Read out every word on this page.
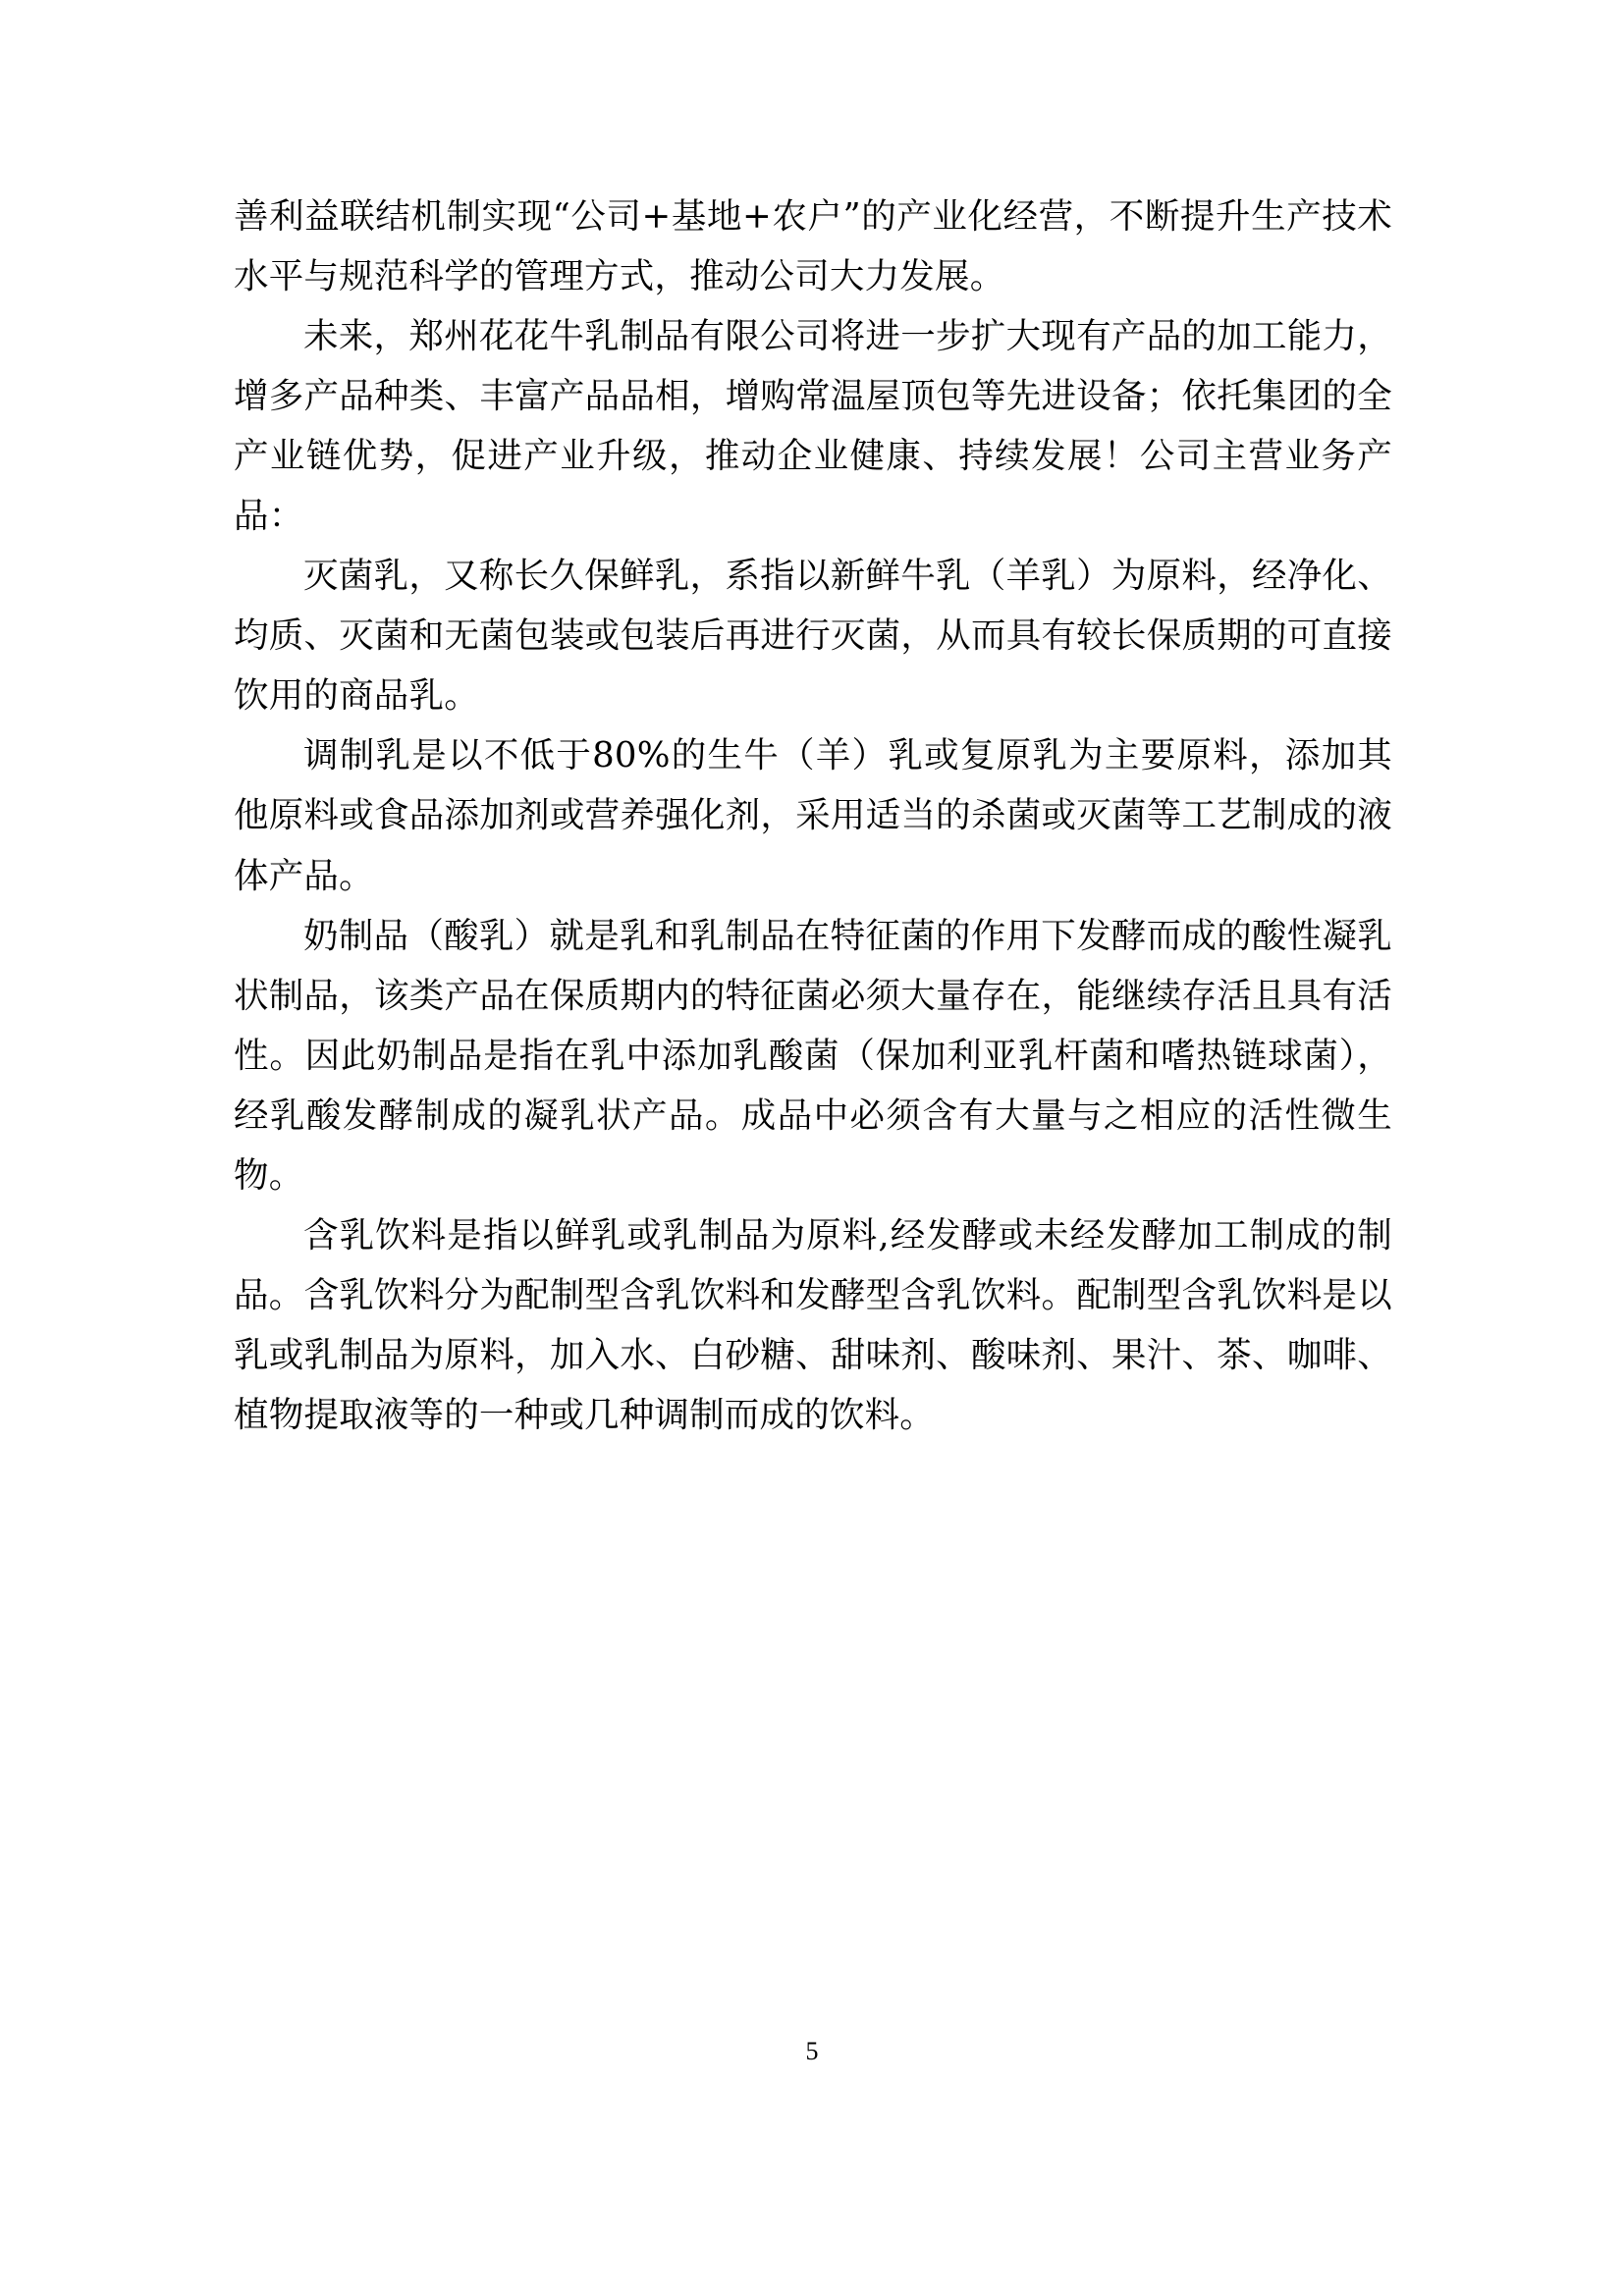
善利益联结机制实现“公司+基地+农户”的产业化经营，不断提升生产技术水平与规范科学的管理方式，推动公司大力发展。

未来，郑州花花牛乳制品有限公司将进一步扩大现有产品的加工能力，增多产品种类、丰富产品品相，增购常温屋顶包等先进设备；依托集团的全产业链优势，促进产业升级，推动企业健康、持续发展！公司主营业务产品：

灭菌乳，又称长久保鲜乳，系指以新鲜牛乳（羊乳）为原料，经净化、均质、灭菌和无菌包装或包装后再进行灭菌，从而具有较长保质期的可直接饮用的商品乳。

调制乳是以不低于80%的生牛（羊）乳或复原乳为主要原料，添加其他原料或食品添加剂或营养强化剂，采用适当的杀菌或灭菌等工艺制成的液体产品。

奶制品（酸乳）就是乳和乳制品在特征菌的作用下发酵而成的酸性凝乳状制品，该类产品在保质期内的特征菌必须大量存在，能继续存活且具有活性。因此奶制品是指在乳中添加乳酸菌（保加利亚乳杆菌和嗜热链球菌），经乳酸发酵制成的凝乳状产品。成品中必须含有大量与之相应的活性微生物。

含乳饮料是指以鲜乳或乳制品为原料,经发酵或未经发酵加工制成的制品。含乳饮料分为配制型含乳饮料和发酵型含乳饮料。配制型含乳饮料是以乳或乳制品为原料，加入水、白砂糖、甜味剂、酸味剂、果汁、茶、咖啡、植物提取液等的一种或几种调制而成的饮料。

5
